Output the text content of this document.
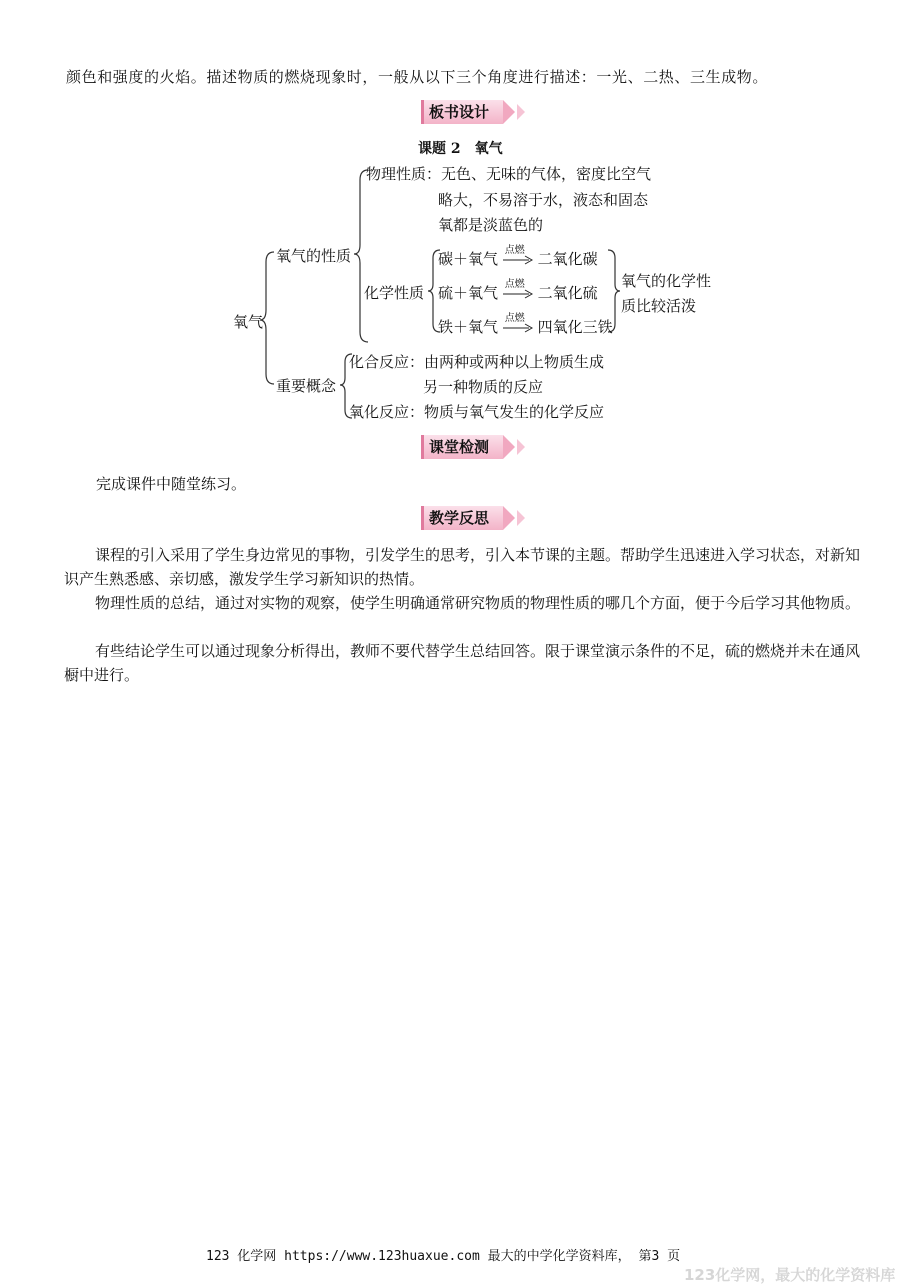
颜色和强度的火焰。描述物质的燃烧现象时，一般从以下三个角度进行描述：一光、二热、三生成物。
板书设计
课题 2　氧气
氧气
氧气的性质
重要概念
物理性质：无色、无味的气体，密度比空气
略大，不易溶于水，液态和固态
氧都是淡蓝色的
化学性质
碳＋氧气 点燃 二氧化碳
硫＋氧气 点燃 二氧化硫
铁＋氧气 点燃 四氧化三铁
氧气的化学性
质比较活泼
化合反应：由两种或两种以上物质生成
另一种物质的反应
氧化反应：物质与氧气发生的化学反应
课堂检测
完成课件中随堂练习。
教学反思
课程的引入采用了学生身边常见的事物，引发学生的思考，引入本节课的主题。帮助学生迅速进入学习状态，对新知识产生熟悉感、亲切感，激发学生学习新知识的热情。
物理性质的总结，通过对实物的观察，使学生明确通常研究物质的物理性质的哪几个方面，便于今后学习其他物质。
有些结论学生可以通过现象分析得出，教师不要代替学生总结回答。限于课堂演示条件的不足，硫的燃烧并未在通风橱中进行。
123 化学网 https://www.123huaxue.com 最大的中学化学资料库， 第3 页
123化学网，最大的化学资料库
